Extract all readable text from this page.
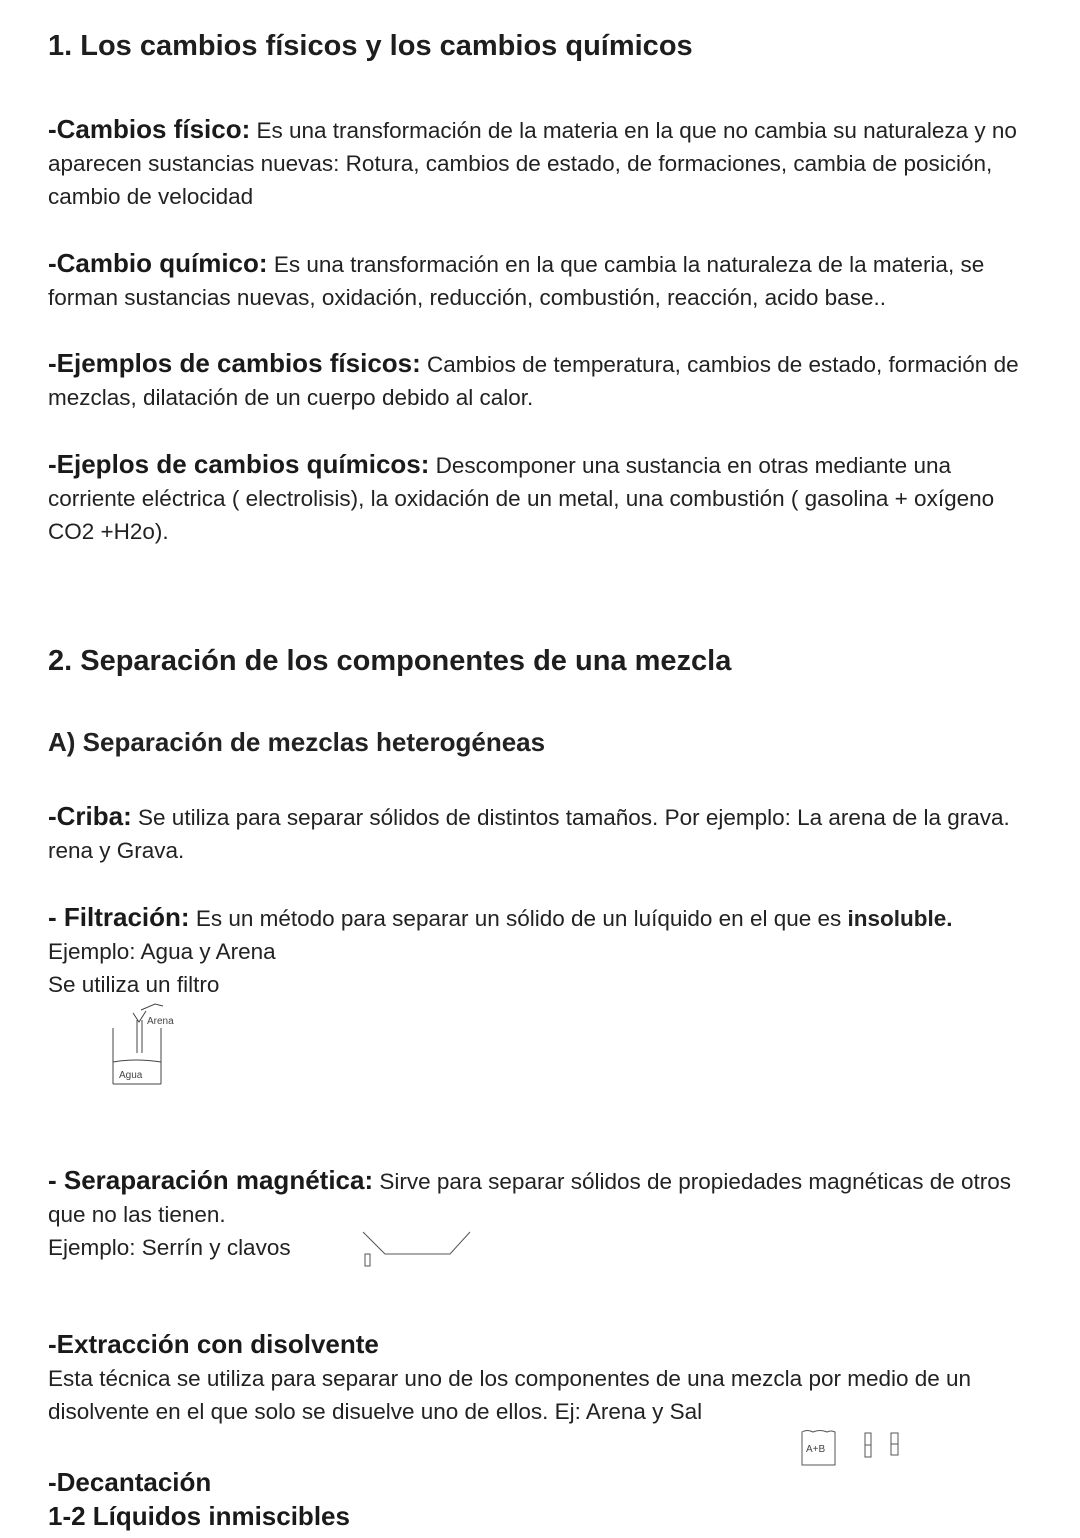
1. Los cambios físicos y los cambios químicos

-Cambios físico: Es una transformación de la materia en la que no cambia su naturaleza y no aparecen sustancias nuevas: Rotura, cambios de estado, de formaciones, cambia de posición, cambio de velocidad

-Cambio químico: Es una transformación en la que cambia la naturaleza de la materia, se forman sustancias nuevas, oxidación, reducción, combustión, reacción, acido base..

-Ejemplos de cambios físicos: Cambios de temperatura, cambios de estado, formación de mezclas, dilatación de un cuerpo debido al calor.

-Ejeplos de cambios químicos: Descomponer una sustancia en otras mediante una corriente eléctrica ( electrolisis), la oxidación de un metal, una combustión ( gasolina + oxígeno CO2 +H2o).

2. Separación de los componentes de una mezcla
A) Separación de mezclas heterogéneas

-Criba: Se utiliza para separar sólidos de distintos tamaños. Por ejemplo: La arena de la grava. rena y Grava.

- Filtración: Es un método para separar un sólido de un luíquido en el que es insoluble.

Ejemplo: Agua y Arena

Se utiliza un filtro

Arena
Agua

- Seraparación magnética: Sirve para separar sólidos de propiedades magnéticas de otros que no las tienen.

Ejemplo: Serrín y clavos

-Extracción con disolvente

Esta técnica se utiliza para separar uno de los componentes de una mezcla por medio de un disolvente en el que solo se disuelve uno de ellos. Ej: Arena y Sal

A+B

-Decantación

1-2 Líquidos inmiscibles
